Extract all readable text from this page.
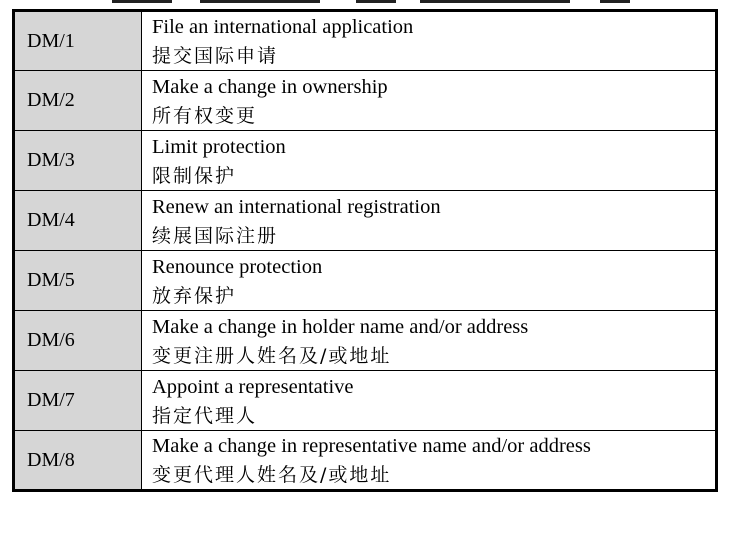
DM/1	File an international application
提交国际申请

DM/2	Make a change in ownership
所有权变更

DM/3	Limit protection
限制保护

DM/4	Renew an international registration
续展国际注册

DM/5	Renounce protection
放弃保护

DM/6	Make a change in holder name and/or address
变更注册人姓名及/或地址

DM/7	Appoint a representative
指定代理人

DM/8	Make a change in representative name and/or address
变更代理人姓名及/或地址
